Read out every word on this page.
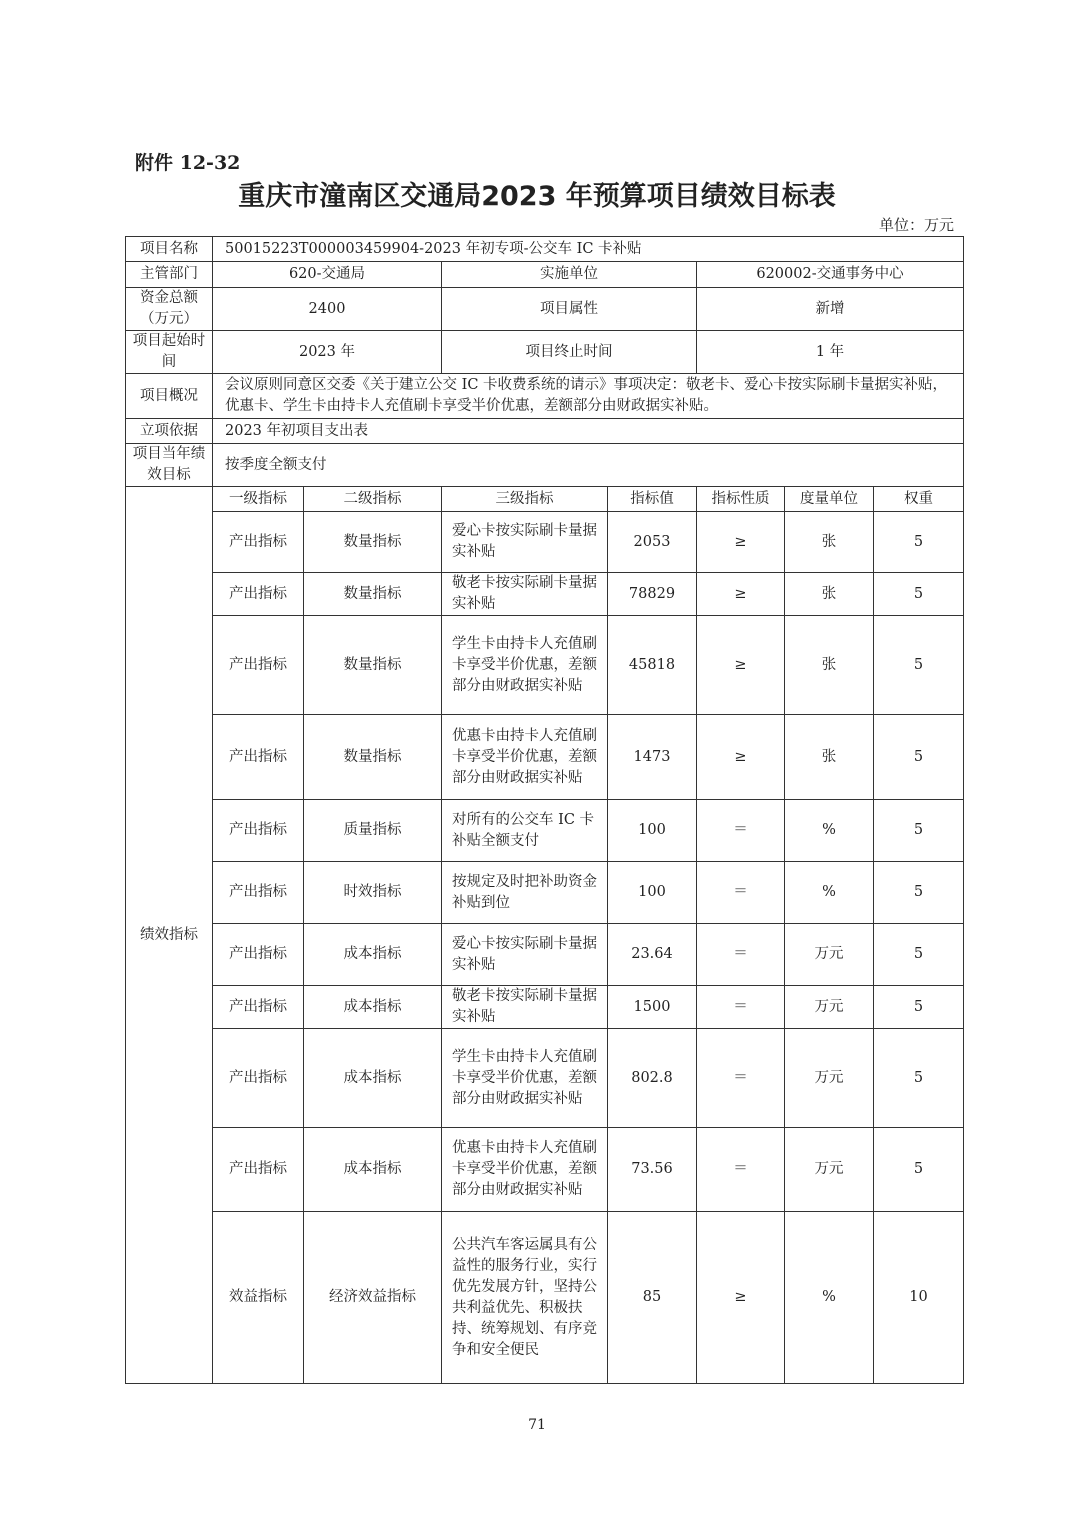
附件 12-32
重庆市潼南区交通局2023 年预算项目绩效目标表
单位：万元
项目名称	50015223T000003459904-2023 年初专项-公交车 IC 卡补贴						
主管部门	620-交通局		实施单位		620002-交通事务中心		
资金总额（万元）	2400		项目属性		新增		
项目起始时间	2023 年		项目终止时间		1 年		
项目概况	会议原则同意区交委《关于建立公交 IC 卡收费系统的请示》事项决定：敬老卡、爱心卡按实际刷卡量据实补贴，优惠卡、学生卡由持卡人充值刷卡享受半价优惠，差额部分由财政据实补贴。						
立项依据	2023 年初项目支出表						
项目当年绩效目标	按季度全额支付						
绩效指标	一级指标	二级指标	三级指标	指标值	指标性质	度量单位	权重
	产出指标	数量指标	爱心卡按实际刷卡量据实补贴	2053	≥	张	5
	产出指标	数量指标	敬老卡按实际刷卡量据实补贴	78829	≥	张	5
	产出指标	数量指标	学生卡由持卡人充值刷卡享受半价优惠，差额部分由财政据实补贴	45818	≥	张	5
	产出指标	数量指标	优惠卡由持卡人充值刷卡享受半价优惠，差额部分由财政据实补贴	1473	≥	张	5
	产出指标	质量指标	对所有的公交车 IC 卡补贴全额支付	100	＝	%	5
	产出指标	时效指标	按规定及时把补助资金补贴到位	100	＝	%	5
	产出指标	成本指标	爱心卡按实际刷卡量据实补贴	23.64	＝	万元	5
	产出指标	成本指标	敬老卡按实际刷卡量据实补贴	1500	＝	万元	5
	产出指标	成本指标	学生卡由持卡人充值刷卡享受半价优惠，差额部分由财政据实补贴	802.8	＝	万元	5
	产出指标	成本指标	优惠卡由持卡人充值刷卡享受半价优惠，差额部分由财政据实补贴	73.56	＝	万元	5
	效益指标	经济效益指标	公共汽车客运属具有公益性的服务行业，实行优先发展方针，坚持公共利益优先、积极扶持、统筹规划、有序竞争和安全便民	85	≥	%	10
71
